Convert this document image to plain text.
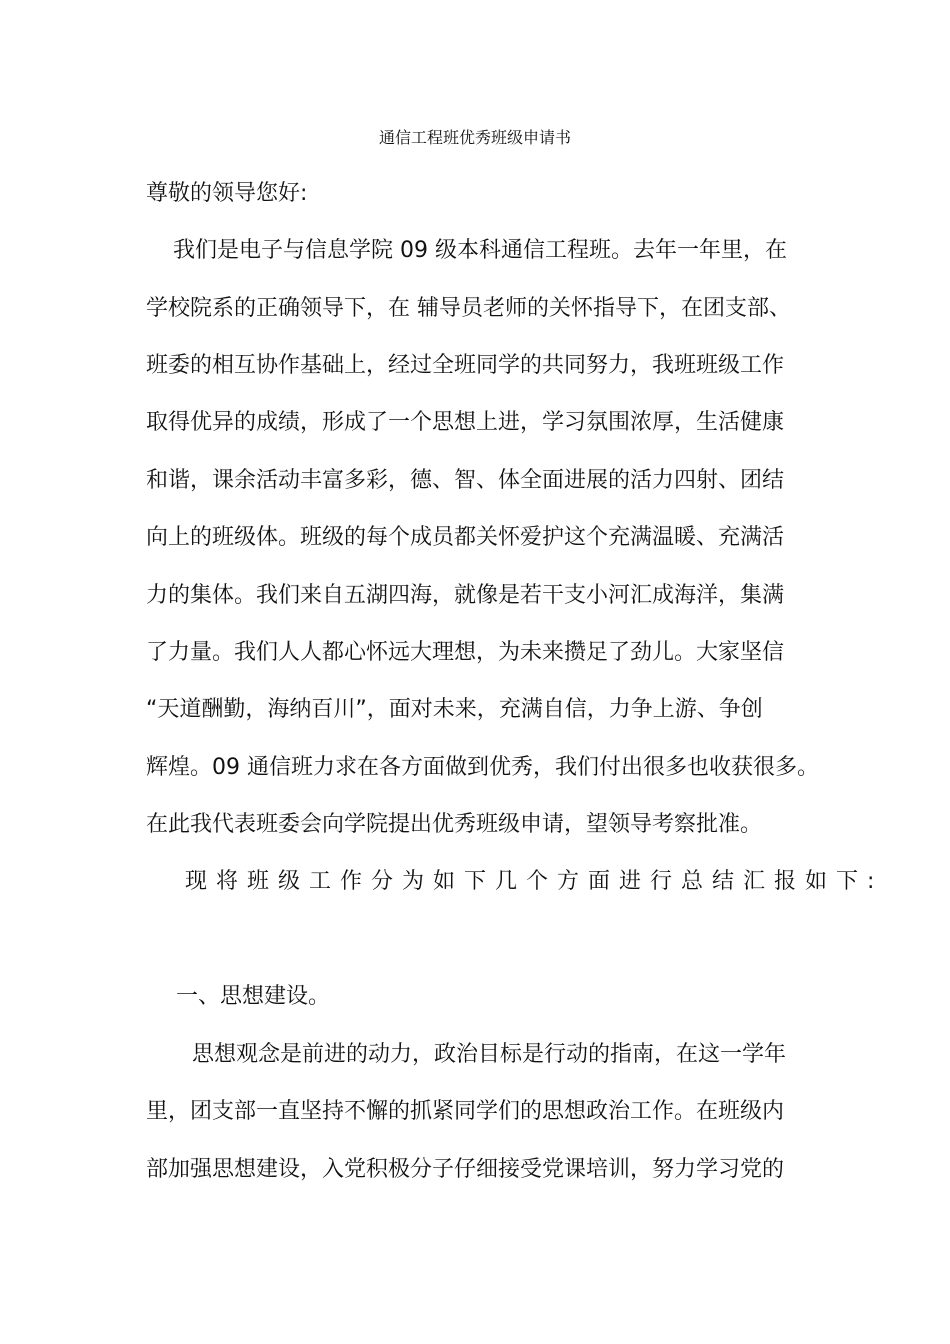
通信工程班优秀班级申请书
尊敬的领导您好:
我们是电子与信息学院 09 级本科通信工程班。去年一年里，在
学校院系的正确领导下，在 辅导员老师的关怀指导下，在团支部、
班委的相互协作基础上，经过全班同学的共同努力，我班班级工作
取得优异的成绩，形成了一个思想上进，学习氛围浓厚，生活健康
和谐，课余活动丰富多彩，德、智、体全面进展的活力四射、团结
向上的班级体。班级的每个成员都关怀爱护这个充满温暖、充满活
力的集体。我们来自五湖四海，就像是若干支小河汇成海洋，集满
了力量。我们人人都心怀远大理想，为未来攒足了劲儿。大家坚信
“天道酬勤，海纳百川”，面对未来，充满自信，力争上游、争创
辉煌。09 通信班力求在各方面做到优秀，我们付出很多也收获很多。
在此我代表班委会向学院提出优秀班级申请，望领导考察批准。
现将班级工作分为如下几个方面进行总结汇报如下:
一、思想建设。
思想观念是前进的动力，政治目标是行动的指南，在这一学年
里，团支部一直坚持不懈的抓紧同学们的思想政治工作。在班级内
部加强思想建设，入党积极分子仔细接受党课培训，努力学习党的
